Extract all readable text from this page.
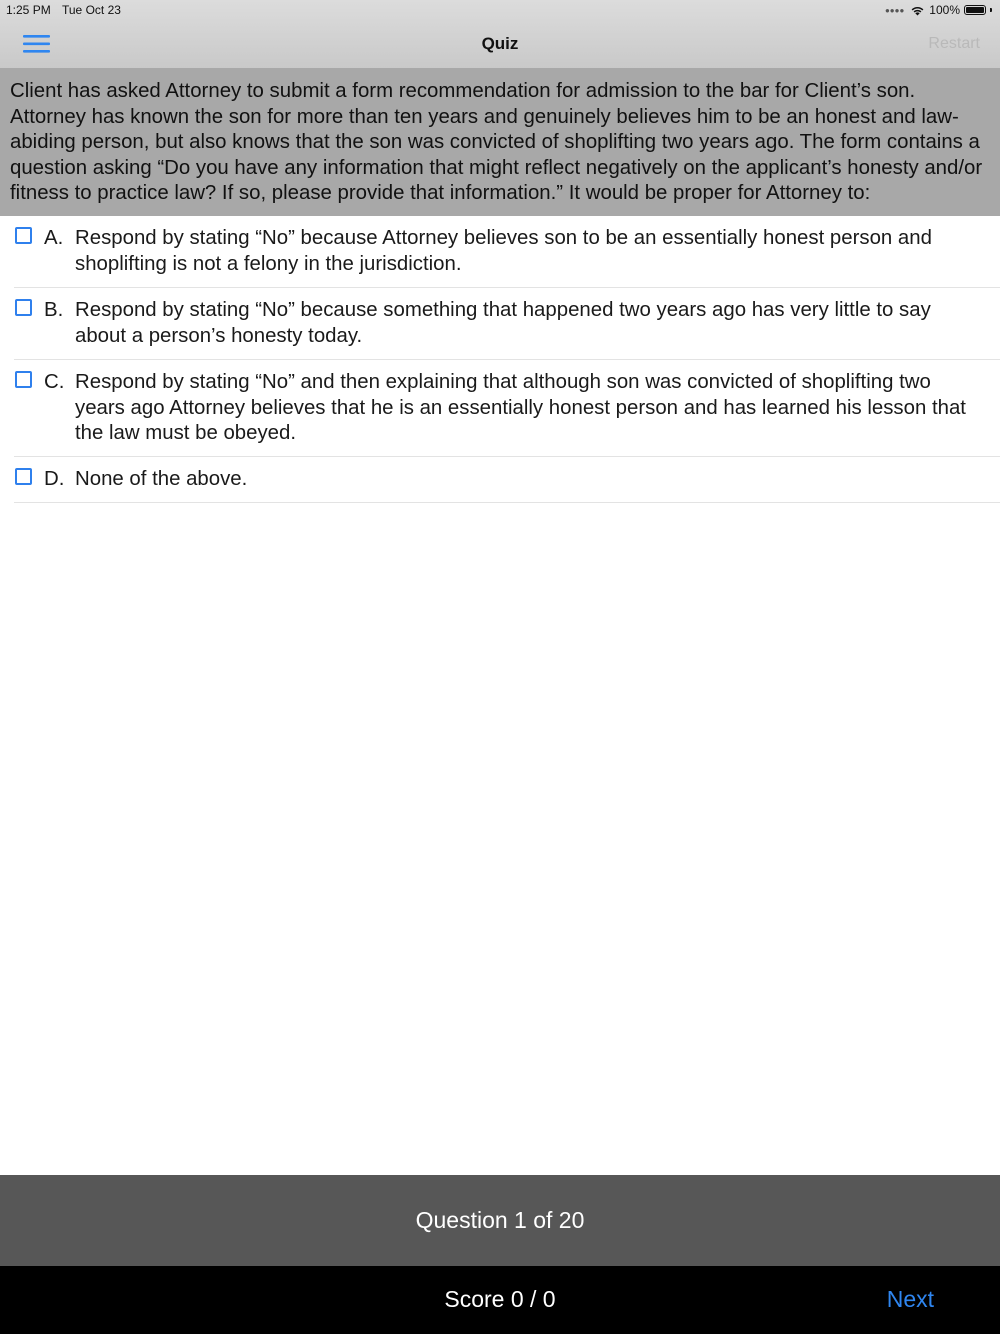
1:25 PM Tue Oct 23	●●●● 100%
Quiz	Restart
Client has asked Attorney to submit a form recommendation for admission to the bar for Client’s son. Attorney has known the son for more than ten years and genuinely believes him to be an honest and law-abiding person, but also knows that the son was convicted of shoplifting two years ago. The form contains a question asking “Do you have any information that might reflect negatively on the applicant’s honesty and/or fitness to practice law? If so, please provide that information.” It would be proper for Attorney to:
A. Respond by stating “No” because Attorney believes son to be an essentially honest person and shoplifting is not a felony in the jurisdiction.
B. Respond by stating “No” because something that happened two years ago has very little to say about a person’s honesty today.
C. Respond by stating “No” and then explaining that although son was convicted of shoplifting two years ago Attorney believes that he is an essentially honest person and has learned his lesson that the law must be obeyed.
D. None of the above.
Question 1 of 20
Score 0 / 0	Next
